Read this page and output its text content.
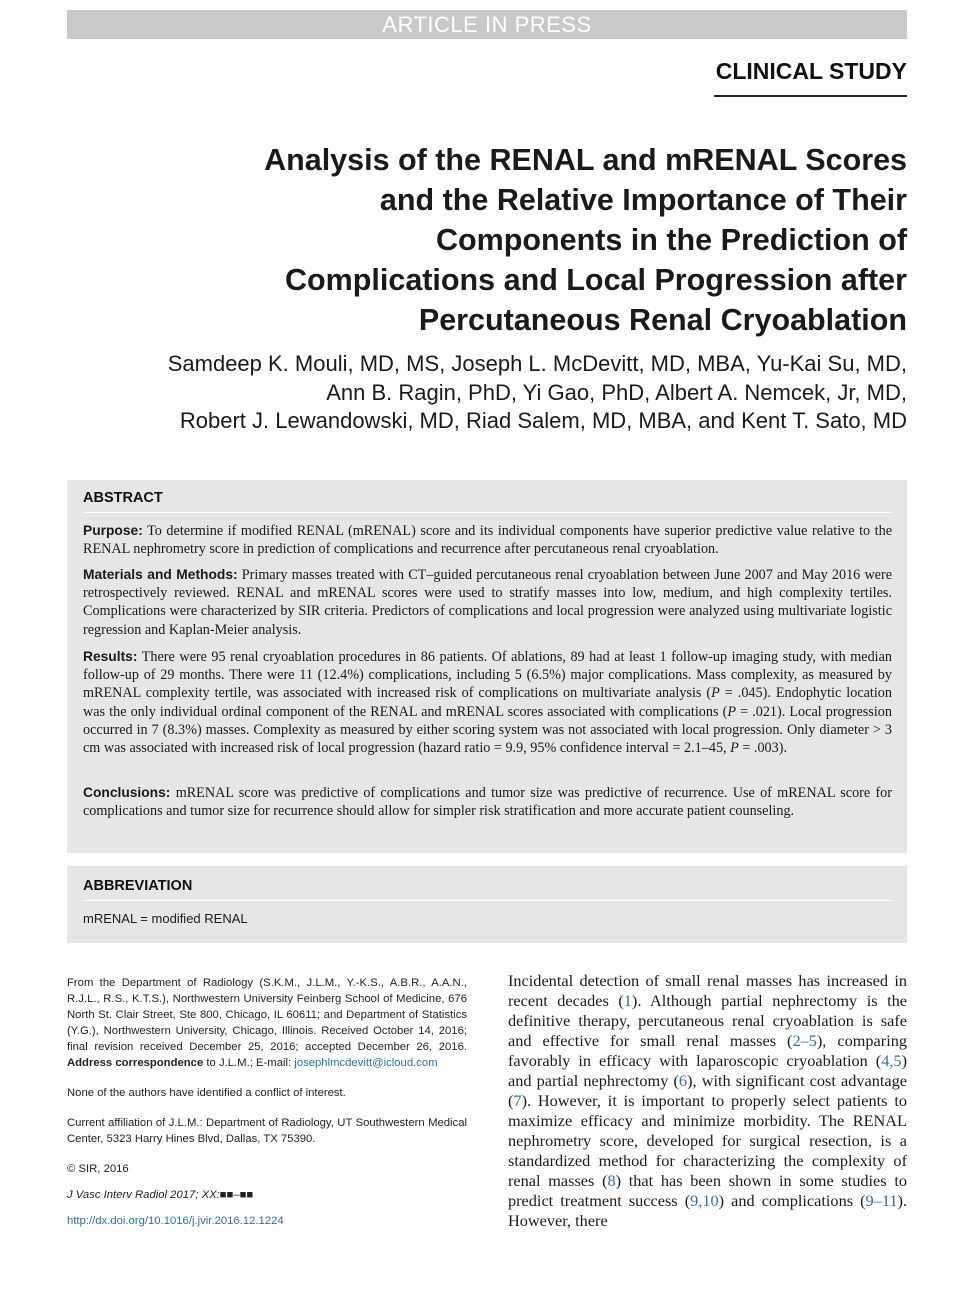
ARTICLE IN PRESS
CLINICAL STUDY
Analysis of the RENAL and mRENAL Scores
and the Relative Importance of Their
Components in the Prediction of
Complications and Local Progression after
Percutaneous Renal Cryoablation
Samdeep K. Mouli, MD, MS, Joseph L. McDevitt, MD, MBA, Yu-Kai Su, MD,
Ann B. Ragin, PhD, Yi Gao, PhD, Albert A. Nemcek, Jr, MD,
Robert J. Lewandowski, MD, Riad Salem, MD, MBA, and Kent T. Sato, MD
ABSTRACT
Purpose: To determine if modified RENAL (mRENAL) score and its individual components have superior predictive value relative to the RENAL nephrometry score in prediction of complications and recurrence after percutaneous renal cryoablation.
Materials and Methods: Primary masses treated with CT–guided percutaneous renal cryoablation between June 2007 and May 2016 were retrospectively reviewed. RENAL and mRENAL scores were used to stratify masses into low, medium, and high complexity tertiles. Complications were characterized by SIR criteria. Predictors of complications and local progression were analyzed using multivariate logistic regression and Kaplan-Meier analysis.
Results: There were 95 renal cryoablation procedures in 86 patients. Of ablations, 89 had at least 1 follow-up imaging study, with median follow-up of 29 months. There were 11 (12.4%) complications, including 5 (6.5%) major complications. Mass complexity, as measured by mRENAL complexity tertile, was associated with increased risk of complications on multivariate analysis (P = .045). Endophytic location was the only individual ordinal component of the RENAL and mRENAL scores associated with complications (P = .021). Local progression occurred in 7 (8.3%) masses. Complexity as measured by either scoring system was not associated with local progression. Only diameter > 3 cm was associated with increased risk of local progression (hazard ratio = 9.9, 95% confidence interval = 2.1–45, P = .003).
Conclusions: mRENAL score was predictive of complications and tumor size was predictive of recurrence. Use of mRENAL score for complications and tumor size for recurrence should allow for simpler risk stratification and more accurate patient counseling.
ABBREVIATION
mRENAL = modified RENAL

From the Department of Radiology (S.K.M., J.L.M., Y.-K.S., A.B.R., A.A.N., R.J.L., R.S., K.T.S.), Northwestern University Feinberg School of Medicine, 676 North St. Clair Street, Ste 800, Chicago, IL 60611; and Department of Statistics (Y.G.), Northwestern University, Chicago, Illinois. Received October 14, 2016; final revision received December 25, 2016; accepted December 26, 2016. Address correspondence to J.L.M.; E-mail: josephlmcdevitt@icloud.com

None of the authors have identified a conflict of interest.

Current affiliation of J.L.M.: Department of Radiology, UT Southwestern Medical Center, 5323 Harry Hines Blvd, Dallas, TX 75390.

© SIR, 2016

J Vasc Interv Radiol 2017; XX:■■–■■

http://dx.doi.org/10.1016/j.jvir.2016.12.1224

Incidental detection of small renal masses has increased in recent decades (1). Although partial nephrectomy is the definitive therapy, percutaneous renal cryoablation is safe and effective for small renal masses (2–5), comparing favorably in efficacy with laparoscopic cryoablation (4,5) and partial nephrectomy (6), with significant cost advantage (7). However, it is important to properly select patients to maximize efficacy and minimize morbidity. The RENAL nephrometry score, developed for surgical resection, is a standardized method for characterizing the complexity of renal masses (8) that has been shown in some studies to predict treatment success (9,10) and complications (9–11). However, there
